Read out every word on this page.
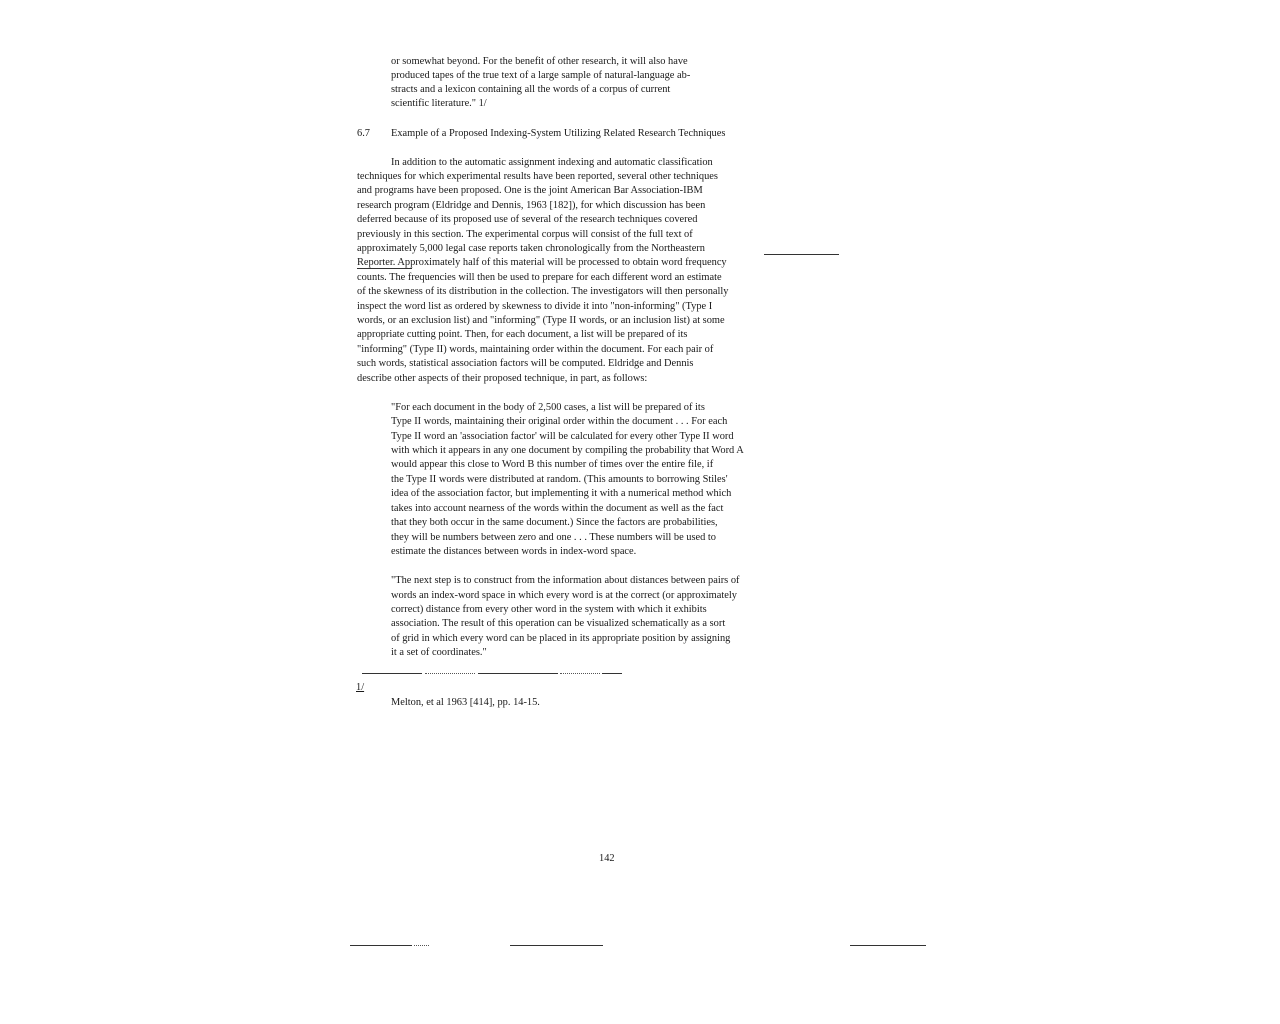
or somewhat beyond. For the benefit of other research, it will also have
produced tapes of the true text of a large sample of natural-language ab-
stracts and a lexicon containing all the words of a corpus of current
scientific literature." 1/
6.7 Example of a Proposed Indexing-System Utilizing Related Research Techniques
In addition to the automatic assignment indexing and automatic classification
techniques for which experimental results have been reported, several other techniques
and programs have been proposed. One is the joint American Bar Association-IBM
research program (Eldridge and Dennis, 1963 [182]), for which discussion has been
deferred because of its proposed use of several of the research techniques covered
previously in this section. The experimental corpus will consist of the full text of
approximately 5,000 legal case reports taken chronologically from the Northeastern
Reporter. Approximately half of this material will be processed to obtain word frequency
counts. The frequencies will then be used to prepare for each different word an estimate
of the skewness of its distribution in the collection. The investigators will then personally
inspect the word list as ordered by skewness to divide it into "non-informing" (Type I
words, or an exclusion list) and "informing" (Type II words, or an inclusion list) at some
appropriate cutting point. Then, for each document, a list will be prepared of its
"informing" (Type II) words, maintaining order within the document. For each pair of
such words, statistical association factors will be computed. Eldridge and Dennis
describe other aspects of their proposed technique, in part, as follows:
"For each document in the body of 2,500 cases, a list will be prepared of its
Type II words, maintaining their original order within the document . . . For each
Type II word an 'association factor' will be calculated for every other Type II word
with which it appears in any one document by compiling the probability that Word A
would appear this close to Word B this number of times over the entire file, if
the Type II words were distributed at random. (This amounts to borrowing Stiles'
idea of the association factor, but implementing it with a numerical method which
takes into account nearness of the words within the document as well as the fact
that they both occur in the same document.) Since the factors are probabilities,
they will be numbers between zero and one . . . These numbers will be used to
estimate the distances between words in index-word space.
"The next step is to construct from the information about distances between pairs of
words an index-word space in which every word is at the correct (or approximately
correct) distance from every other word in the system with which it exhibits
association. The result of this operation can be visualized schematically as a sort
of grid in which every word can be placed in its appropriate position by assigning
it a set of coordinates."
1/
Melton, et al 1963 [414], pp. 14-15.
142
